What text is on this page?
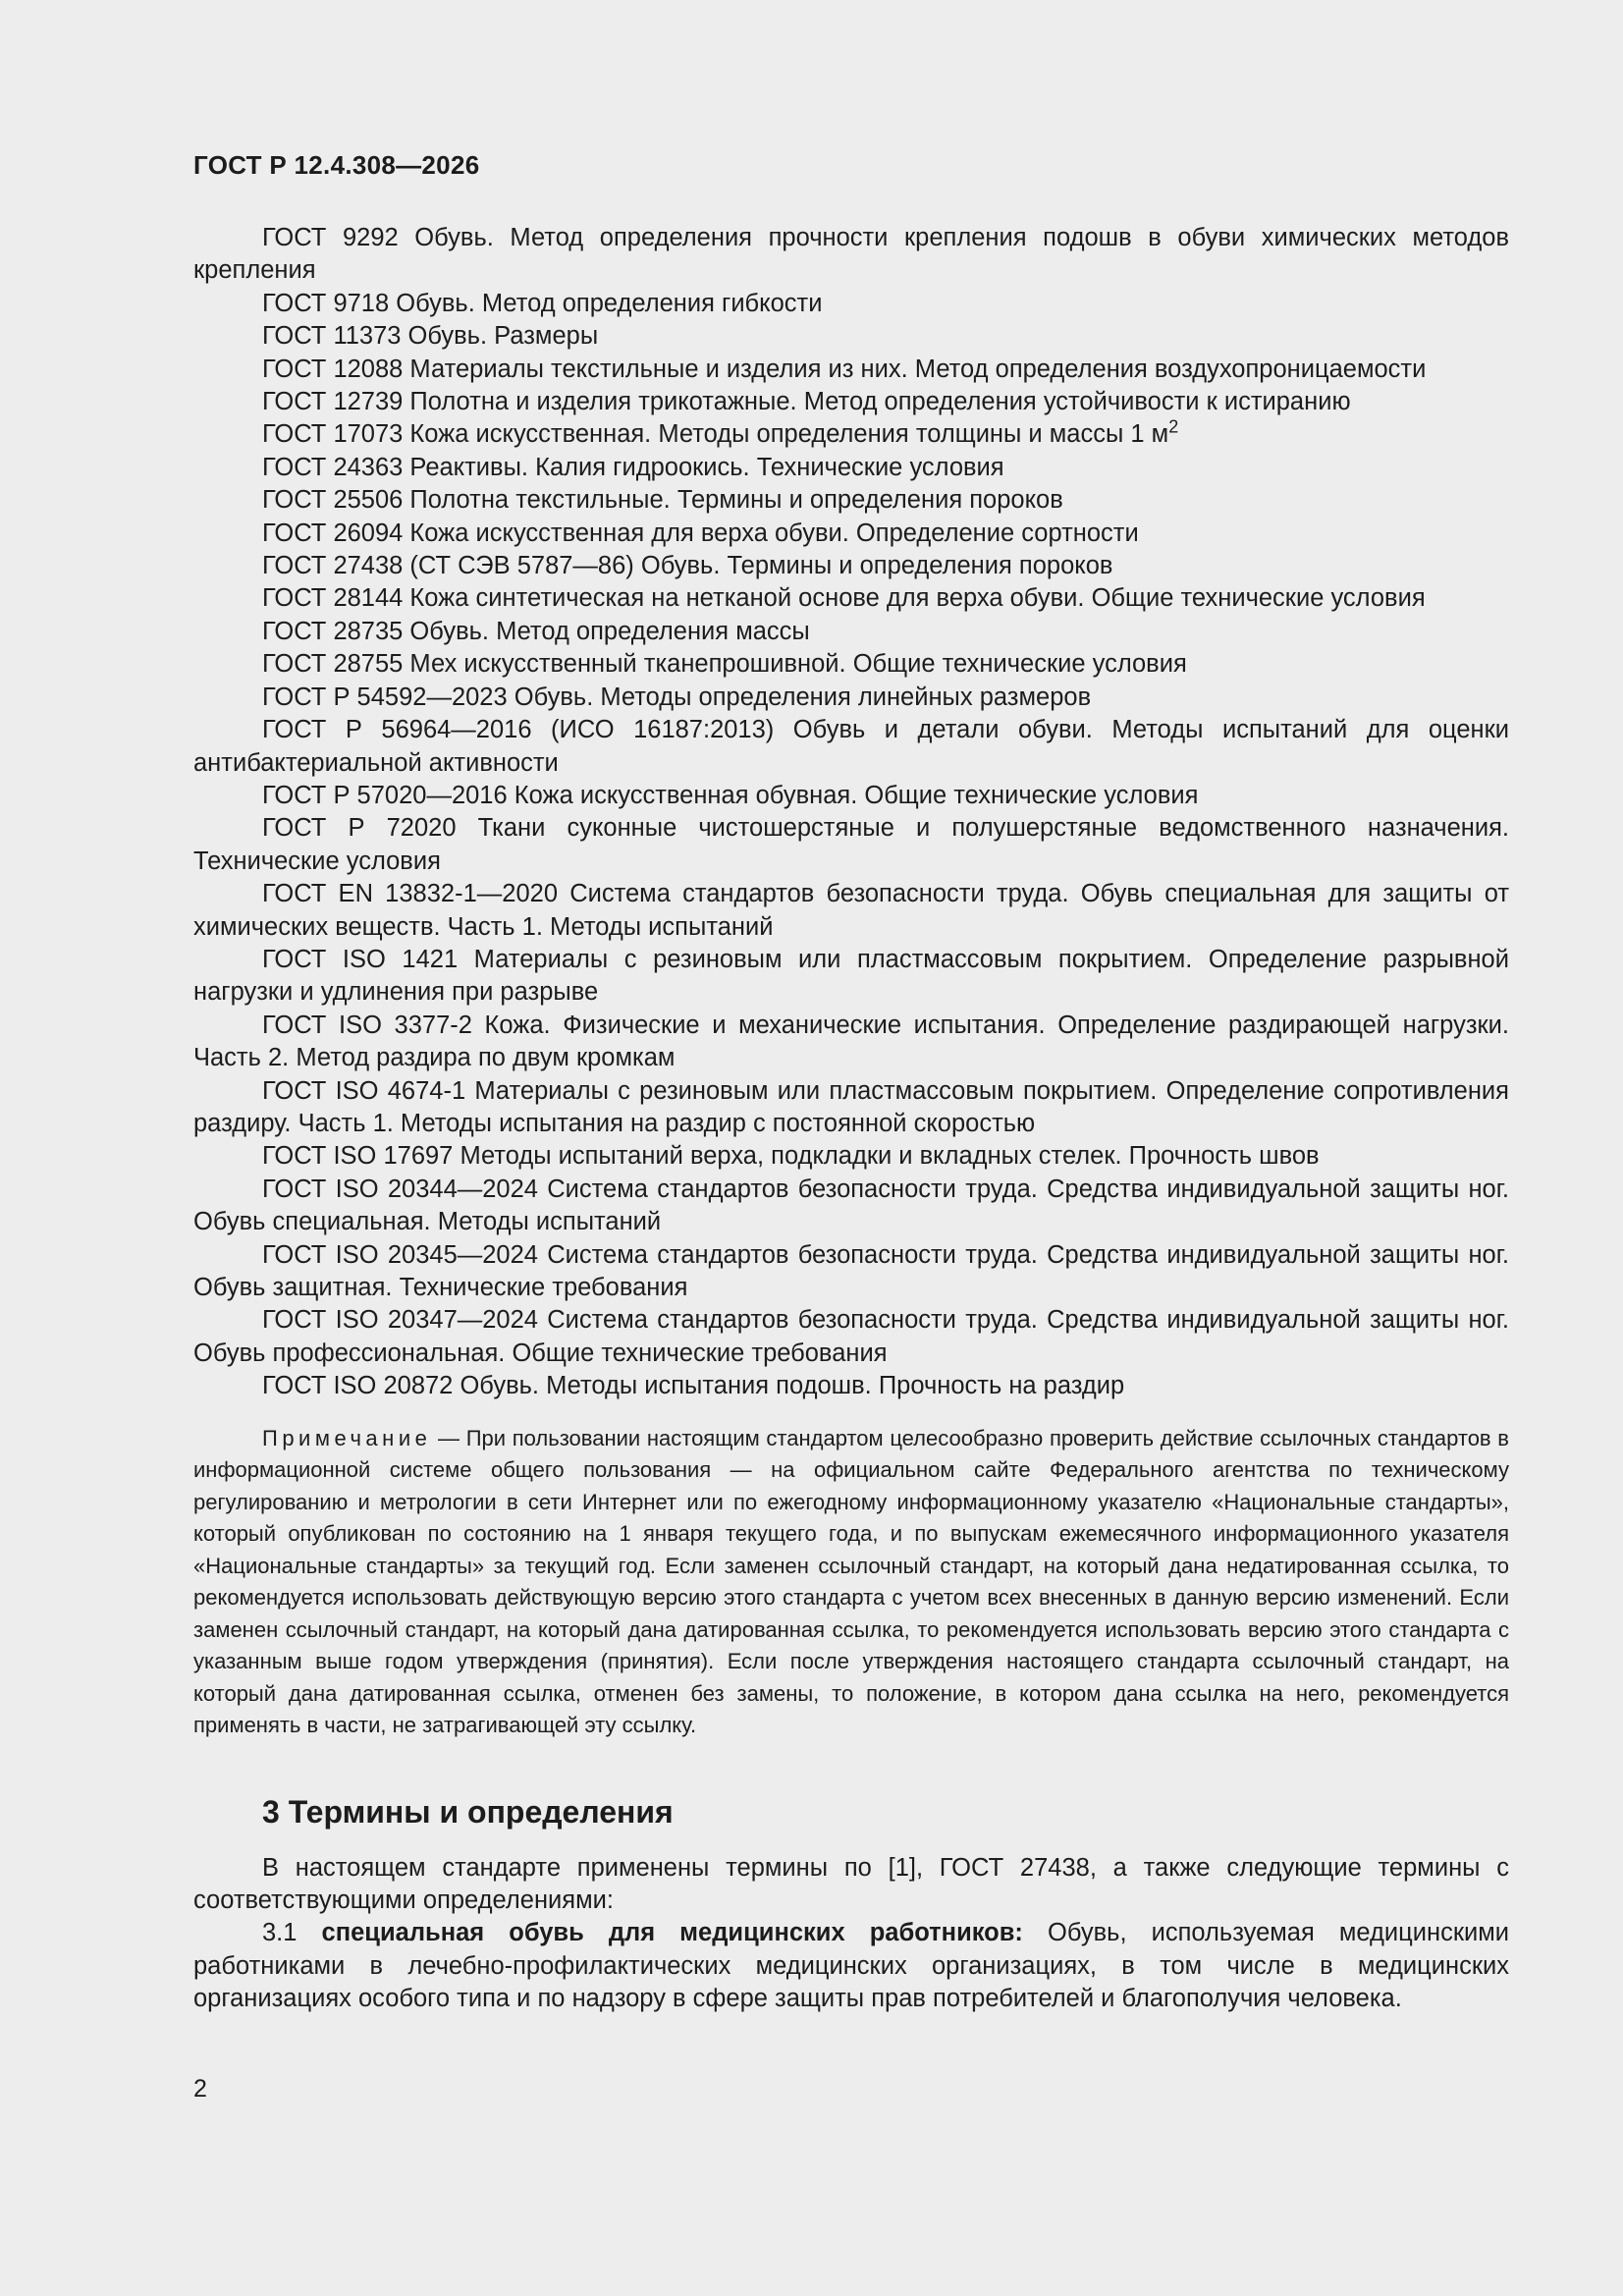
ГОСТ Р 12.4.308—2026

ГОСТ 9292 Обувь. Метод определения прочности крепления подошв в обуви химических методов крепления

ГОСТ 9718 Обувь. Метод определения гибкости

ГОСТ 11373 Обувь. Размеры

ГОСТ 12088 Материалы текстильные и изделия из них. Метод определения воздухопроницаемости

ГОСТ 12739 Полотна и изделия трикотажные. Метод определения устойчивости к истиранию

ГОСТ 17073 Кожа искусственная. Методы определения толщины и массы 1 $м^2$

ГОСТ 24363 Реактивы. Калия гидроокись. Технические условия

ГОСТ 25506 Полотна текстильные. Термины и определения пороков

ГОСТ 26094 Кожа искусственная для верха обуви. Определение сортности

ГОСТ 27438 (СТ СЭВ 5787—86) Обувь. Термины и определения пороков

ГОСТ 28144 Кожа синтетическая на нетканой основе для верха обуви. Общие технические условия

ГОСТ 28735 Обувь. Метод определения массы

ГОСТ 28755 Мех искусственный тканепрошивной. Общие технические условия

ГОСТ Р 54592—2023 Обувь. Методы определения линейных размеров

ГОСТ Р 56964—2016 (ИСО 16187:2013) Обувь и детали обуви. Методы испытаний для оценки антибактериальной активности

ГОСТ Р 57020—2016 Кожа искусственная обувная. Общие технические условия

ГОСТ Р 72020 Ткани суконные чистошерстяные и полушерстяные ведомственного назначения. Технические условия

ГОСТ EN 13832-1—2020 Система стандартов безопасности труда. Обувь специальная для защиты от химических веществ. Часть 1. Методы испытаний

ГОСТ ISO 1421 Материалы с резиновым или пластмассовым покрытием. Определение разрывной нагрузки и удлинения при разрыве

ГОСТ ISO 3377-2 Кожа. Физические и механические испытания. Определение раздирающей нагрузки. Часть 2. Метод раздира по двум кромкам

ГОСТ ISO 4674-1 Материалы с резиновым или пластмассовым покрытием. Определение сопротивления раздиру. Часть 1. Методы испытания на раздир с постоянной скоростью

ГОСТ ISO 17697 Методы испытаний верха, подкладки и вкладных стелек. Прочность швов

ГОСТ ISO 20344—2024 Система стандартов безопасности труда. Средства индивидуальной защиты ног. Обувь специальная. Методы испытаний

ГОСТ ISO 20345—2024 Система стандартов безопасности труда. Средства индивидуальной защиты ног. Обувь защитная. Технические требования

ГОСТ ISO 20347—2024 Система стандартов безопасности труда. Средства индивидуальной защиты ног. Обувь профессиональная. Общие технические требования

ГОСТ ISO 20872 Обувь. Методы испытания подошв. Прочность на раздир

Примечание — При пользовании настоящим стандартом целесообразно проверить действие ссылочных стандартов в информационной системе общего пользования — на официальном сайте Федерального агентства по техническому регулированию и метрологии в сети Интернет или по ежегодному информационному указателю «Национальные стандарты», который опубликован по состоянию на 1 января текущего года, и по выпускам ежемесячного информационного указателя «Национальные стандарты» за текущий год. Если заменен ссылочный стандарт, на который дана недатированная ссылка, то рекомендуется использовать действующую версию этого стандарта с учетом всех внесенных в данную версию изменений. Если заменен ссылочный стандарт, на который дана датированная ссылка, то рекомендуется использовать версию этого стандарта с указанным выше годом утверждения (принятия). Если после утверждения настоящего стандарта ссылочный стандарт, на который дана датированная ссылка, отменен без замены, то положение, в котором дана ссылка на него, рекомендуется применять в части, не затрагивающей эту ссылку.
3 Термины и определения

В настоящем стандарте применены термины по [1], ГОСТ 27438, а также следующие термины с соответствующими определениями:

3.1 специальная обувь для медицинских работников: Обувь, используемая медицинскими работниками в лечебно-профилактических медицинских организациях, в том числе в медицинских организациях особого типа и по надзору в сфере защиты прав потребителей и благополучия человека.

2
